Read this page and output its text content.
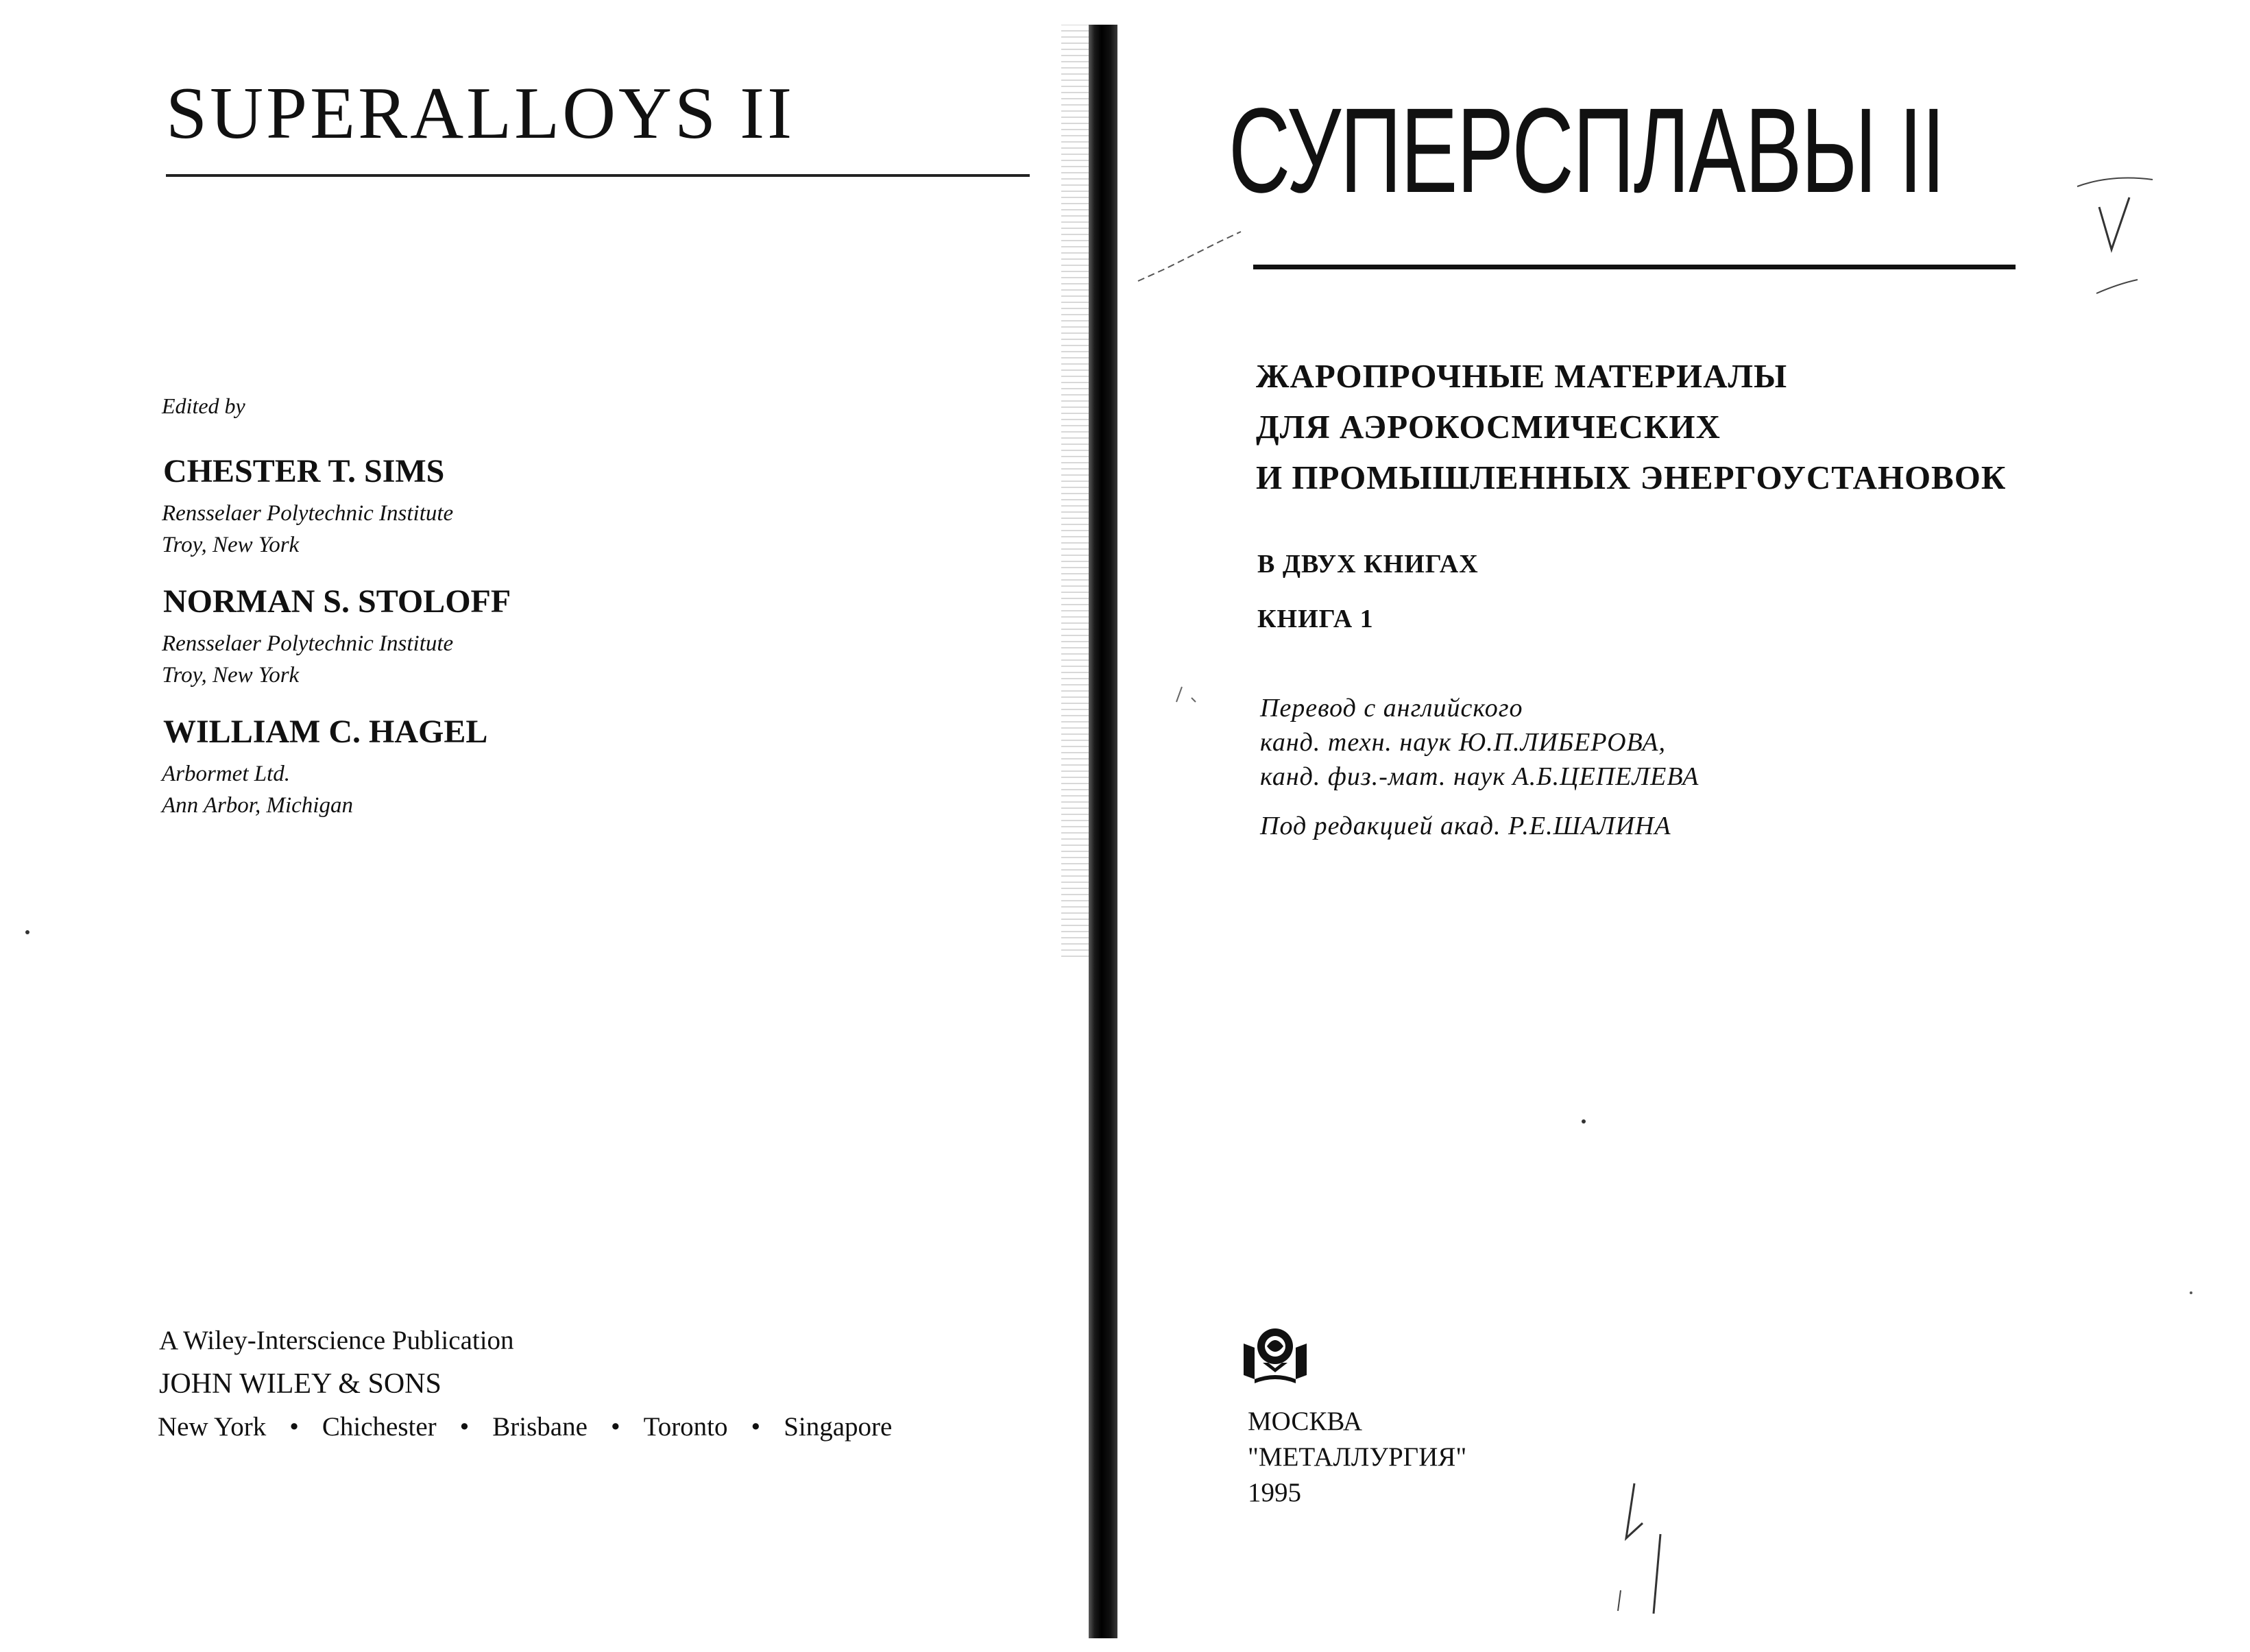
SUPERALLOYS II
Edited by
CHESTER T. SIMS
Rensselaer Polytechnic Institute
Troy, New York
NORMAN S. STOLOFF
Rensselaer Polytechnic Institute
Troy, New York
WILLIAM C. HAGEL
Arbormet Ltd.
Ann Arbor, Michigan
A Wiley-Interscience Publication
JOHN WILEY & SONS
New York • Chichester • Brisbane • Toronto • Singapore
СУПЕРСПЛАВЫ II
ЖАРОПРОЧНЫЕ МАТЕРИАЛЫ
ДЛЯ АЭРОКОСМИЧЕСКИХ
И ПРОМЫШЛЕННЫХ ЭНЕРГОУСТАНОВОК
В ДВУХ КНИГАХ
КНИГА 1
Перевод с английского
канд. техн. наук Ю.П.ЛИБЕРОВА,
канд. физ.-мат. наук А.Б.ЦЕПЕЛЕВА
Под редакцией акад. Р.Е.ШАЛИНА
МОСКВА
"МЕТАЛЛУРГИЯ"
1995
